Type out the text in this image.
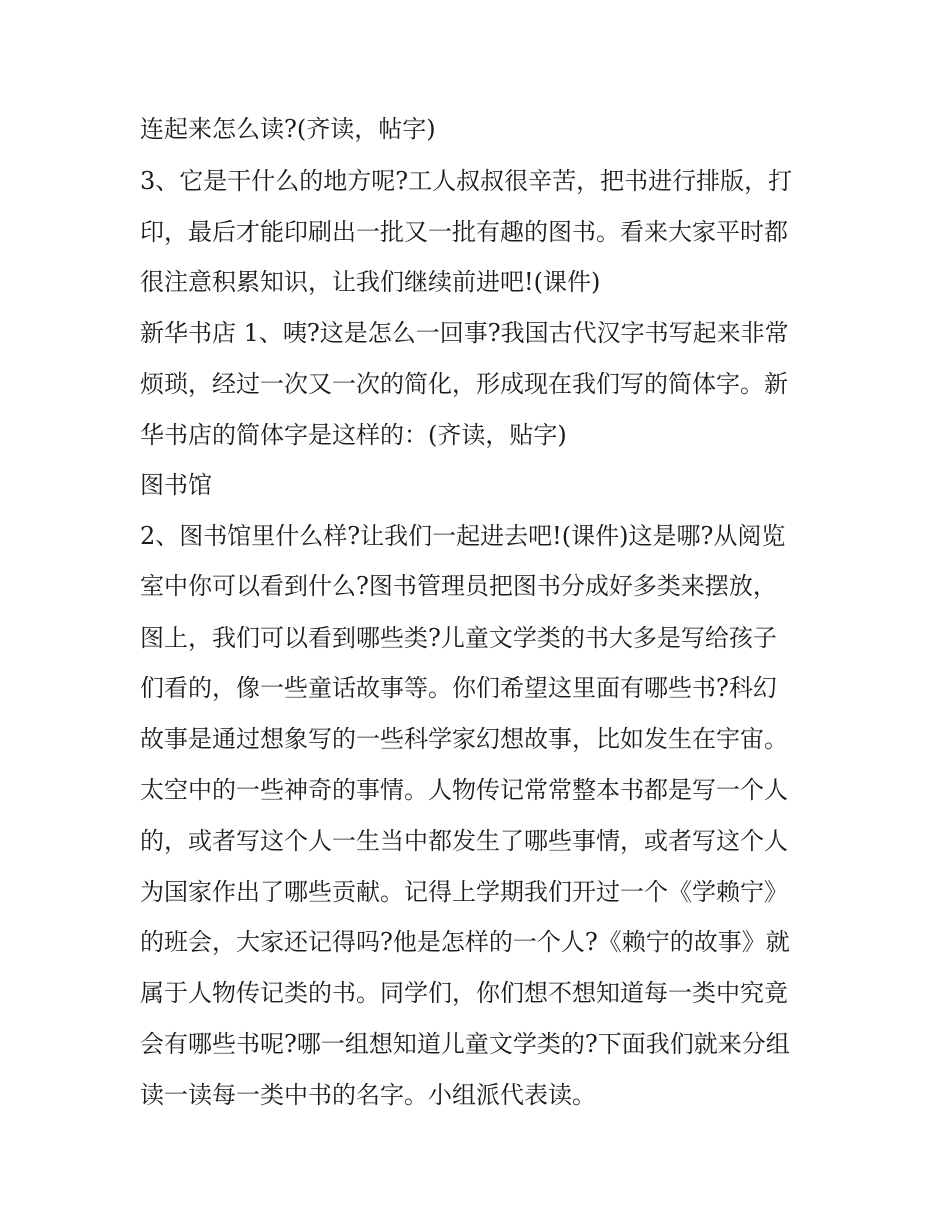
连起来怎么读?(齐读，帖字)
3、它是干什么的地方呢?工人叔叔很辛苦，把书进行排版，打
印，最后才能印刷出一批又一批有趣的图书。看来大家平时都
很注意积累知识，让我们继续前进吧!(课件)
新华书店 1、咦?这是怎么一回事?我国古代汉字书写起来非常
烦琐，经过一次又一次的简化，形成现在我们写的简体字。新
华书店的简体字是这样的：(齐读，贴字)
图书馆
2、图书馆里什么样?让我们一起进去吧!(课件)这是哪?从阅览
室中你可以看到什么?图书管理员把图书分成好多类来摆放，
图上，我们可以看到哪些类?儿童文学类的书大多是写给孩子
们看的，像一些童话故事等。你们希望这里面有哪些书?科幻
故事是通过想象写的一些科学家幻想故事，比如发生在宇宙。
太空中的一些神奇的事情。人物传记常常整本书都是写一个人
的，或者写这个人一生当中都发生了哪些事情，或者写这个人
为国家作出了哪些贡献。记得上学期我们开过一个《学赖宁》
的班会，大家还记得吗?他是怎样的一个人?《赖宁的故事》就
属于人物传记类的书。同学们，你们想不想知道每一类中究竟
会有哪些书呢?哪一组想知道儿童文学类的?下面我们就来分组
读一读每一类中书的名字。小组派代表读。
